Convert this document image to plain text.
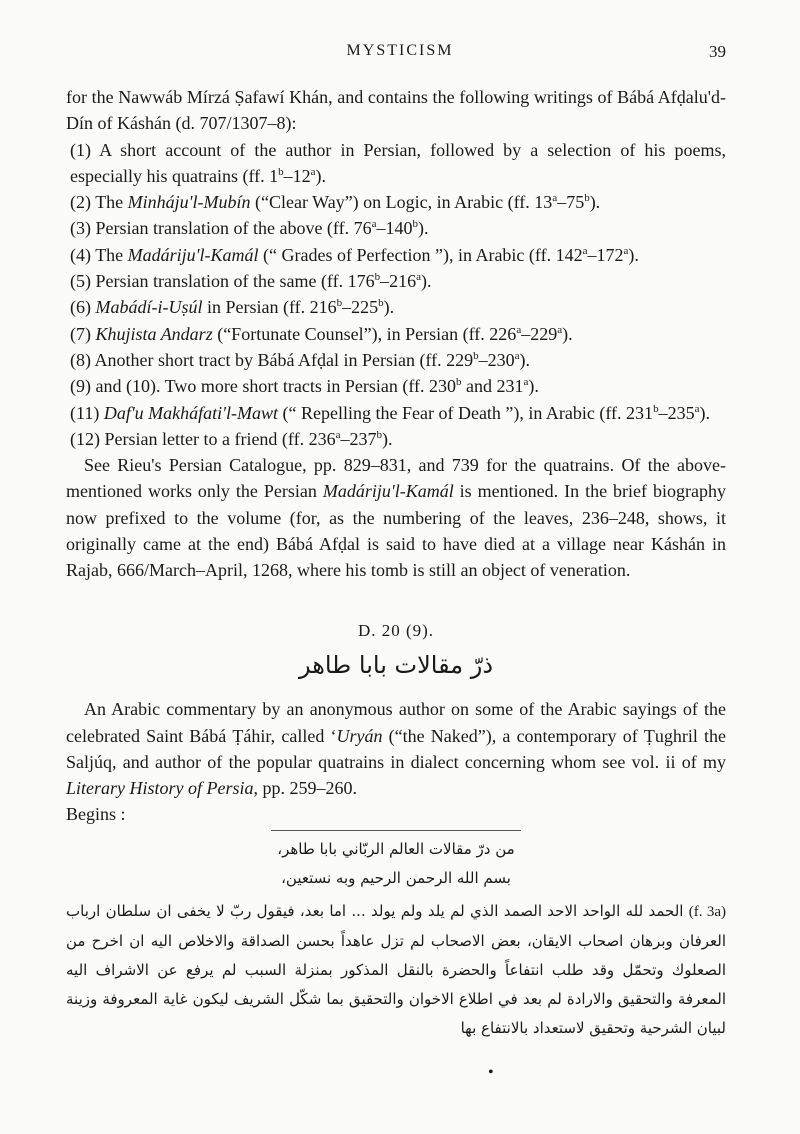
MYSTICISM	39

for the Nawwáb Mírzá Ṣafawí Khán, and contains the following writings of Bábá Afḍalu'd-Dín of Káshán (d. 707/1307–8):

(1) A short account of the author in Persian, followed by a selection of his poems, especially his quatrains (ff. 1$^b$–12$^a$).

(2) The Minháju'l-Mubín (“Clear Way”) on Logic, in Arabic (ff. 13$^a$–75$^b$).

(3) Persian translation of the above (ff. 76$^a$–140$^b$).

(4) The Madáriju'l-Kamál (“ Grades of Perfection ”), in Arabic (ff. 142$^a$–172$^a$).

(5) Persian translation of the same (ff. 176$^b$–216$^a$).

(6) Mabádí-i-Uṣúl in Persian (ff. 216$^b$–225$^b$).

(7) Khujista Andarz (“Fortunate Counsel”), in Persian (ff. 226$^a$–229$^a$).

(8) Another short tract by Bábá Afḍal in Persian (ff. 229$^b$–230$^a$).

(9) and (10). Two more short tracts in Persian (ff. 230$^b$ and 231$^a$).

(11) Daf'u Makháfati'l-Mawt (“ Repelling the Fear of Death ”), in Arabic (ff. 231$^b$–235$^a$).

(12) Persian letter to a friend (ff. 236$^a$–237$^b$).

See Rieu's Persian Catalogue, pp. 829–831, and 739 for the quatrains. Of the above-mentioned works only the Persian Madáriju'l-Kamál is mentioned. In the brief biography now prefixed to the volume (for, as the numbering of the leaves, 236–248, shows, it originally came at the end) Bábá Afḍal is said to have died at a village near Káshán in Rajab, 666/March–April, 1268, where his tomb is still an object of veneration.

D. 20 (9).
ذرّ مقالات بابا طاهر

An Arabic commentary by an anonymous author on some of the Arabic sayings of the celebrated Saint Bábá Ṭáhir, called ‘Uryán (“the Naked”), a contemporary of Ṭughril the Saljúq, and author of the popular quatrains in dialect concerning whom see vol. ii of my Literary History of Persia, pp. 259–260.

Begins :

من درّ مقالات العالم الربّاني بابا طاهر،
بسم الله الرحمن الرحيم وبه نستعين،
(f. 3a) الحمد لله الواحد الاحد الصمد الذي لم يلد ولم يولد ... اما بعد، فيقول ربّ لا يخفى ان سلطان ارباب العرفان وبرهان اصحاب الايقان، بعض الاصحاب لم تزل عاهداً بحسن الصداقة والاخلاص اليه ان اخرح من الصعلوك وتحمّل وقد طلب انتفاعاً والحضرة بالنقل المذكور بمنزلة السبب لم يرفع عن الاشراف اليه المعرفة والتحقيق والارادة لم بعد في اطلاع الاخوان والتحقيق بما شكّل الشريف ليكون غاية المعروفة وزينة لبيان الشرحية وتحقيق لاستعداد بالانتفاع بها
•
